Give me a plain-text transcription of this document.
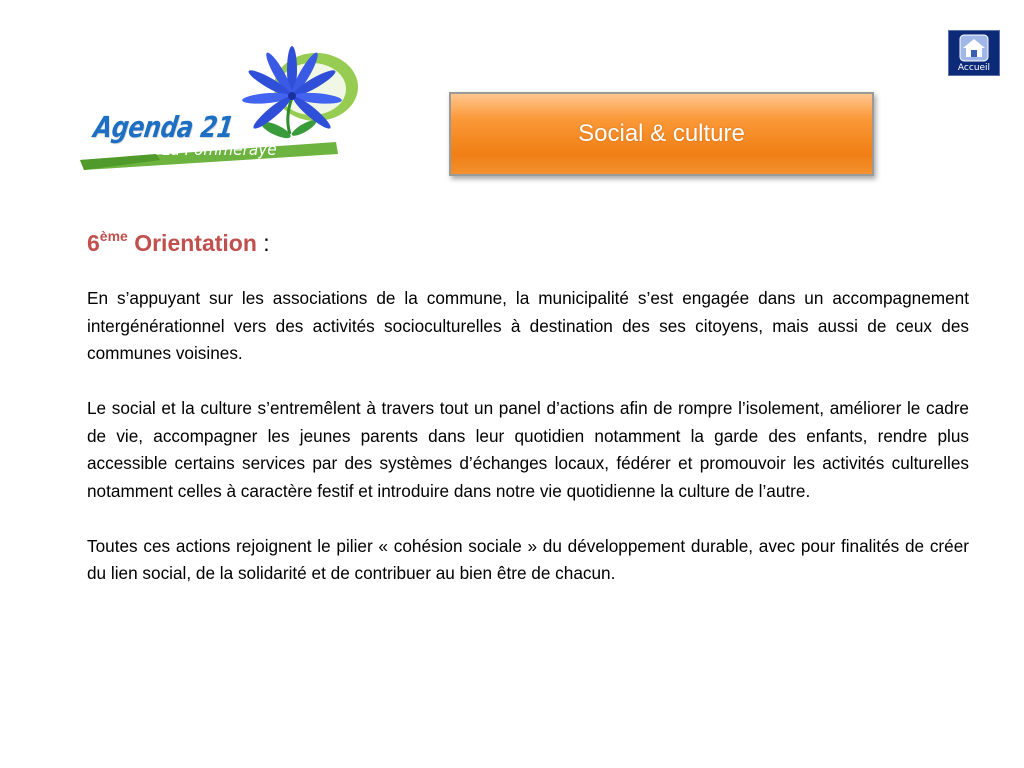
Agenda 21
La Pommeraye
Accueil
Social & culture
6ème Orientation :

En s’appuyant sur les associations de la commune, la municipalité s’est engagée dans un accompagnement intergénérationnel vers des activités socioculturelles à destination des ses citoyens, mais aussi de ceux des communes voisines.

Le social et la culture s’entremêlent à travers tout un panel d’actions afin de rompre l’isolement, améliorer le cadre de vie, accompagner les jeunes parents dans leur quotidien notamment la garde des enfants, rendre plus accessible certains services par des systèmes d’échanges locaux, fédérer et promouvoir les activités culturelles notamment celles à caractère festif et introduire dans notre vie quotidienne la culture de l’autre.

Toutes ces actions rejoignent le pilier « cohésion sociale » du développement durable, avec pour finalités de créer du lien social, de la solidarité et de contribuer au bien être de chacun.
